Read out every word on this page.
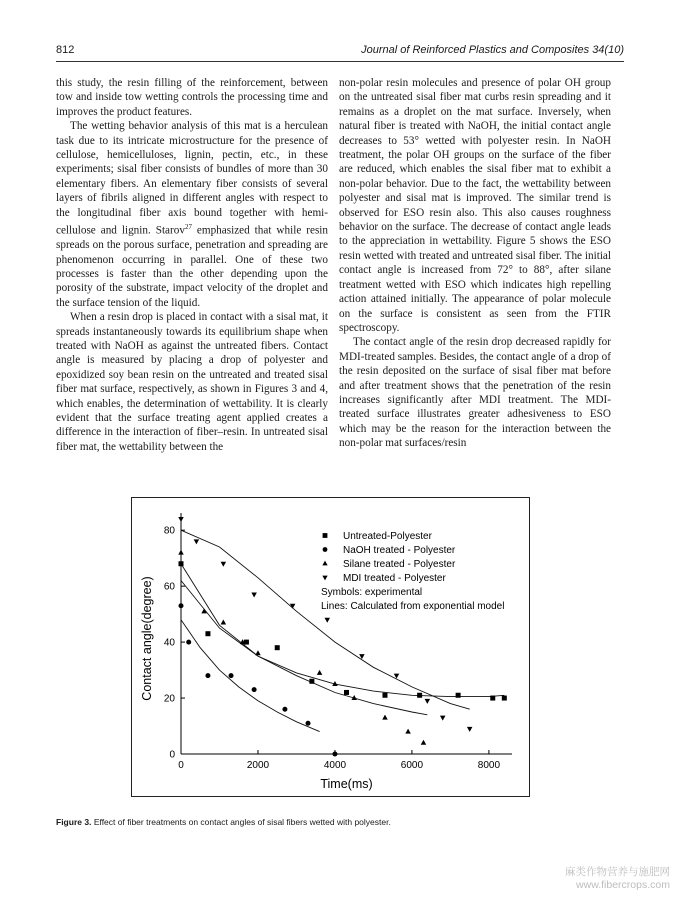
812	Journal of Reinforced Plastics and Composites 34(10)

this study, the resin filling of the reinforcement, between tow and inside tow wetting controls the processing time and improves the product features.

The wetting behavior analysis of this mat is a herculean task due to its intricate microstructure for the presence of cellulose, hemicelluloses, lignin, pectin, etc., in these experiments; sisal fiber consists of bundles of more than 30 elementary fibers. An elementary fiber consists of several layers of fibrils aligned in different angles with respect to the longitudinal fiber axis bound together with hemi-cellulose and lignin. Starov$^{27}$ emphasized that while resin spreads on the porous surface, penetration and spreading are phenomenon occurring in parallel. One of these two processes is faster than the other depending upon the porosity of the substrate, impact velocity of the droplet and the surface tension of the liquid.

When a resin drop is placed in contact with a sisal mat, it spreads instantaneously towards its equilibrium shape when treated with NaOH as against the untreated fibers. Contact angle is measured by placing a drop of polyester and epoxidized soy bean resin on the untreated and treated sisal fiber mat surface, respectively, as shown in Figures 3 and 4, which enables, the determination of wettability. It is clearly evident that the surface treating agent applied creates a difference in the interaction of fiber–resin. In untreated sisal fiber mat, the wettability between the

non-polar resin molecules and presence of polar OH group on the untreated sisal fiber mat curbs resin spreading and it remains as a droplet on the mat surface. Inversely, when natural fiber is treated with NaOH, the initial contact angle decreases to 53° wetted with polyester resin. In NaOH treatment, the polar OH groups on the surface of the fiber are reduced, which enables the sisal fiber mat to exhibit a non-polar behavior. Due to the fact, the wettability between polyester and sisal mat is improved. The similar trend is observed for ESO resin also. This also causes roughness behavior on the surface. The decrease of contact angle leads to the appreciation in wettability. Figure 5 shows the ESO resin wetted with treated and untreated sisal fiber. The initial contact angle is increased from 72° to 88°, after silane treatment wetted with ESO which indicates high repelling action attained initially. The appearance of polar molecule on the surface is consistent as seen from the FTIR spectroscopy.

The contact angle of the resin drop decreased rapidly for MDI-treated samples. Besides, the contact angle of a drop of the resin deposited on the surface of sisal fiber mat before and after treatment shows that the penetration of the resin increases significantly after MDI treatment. The MDI-treated surface illustrates greater adhesiveness to ESO which may be the reason for the interaction between the non-polar mat surfaces/resin

0	2000	4000	6000	8000
0
20
40
60
80
Time(ms)
Contact angle(degree)
Untreated-Polyester
NaOH treated - Polyester
Silane treated - Polyester
MDI treated - Polyester
Symbols: experimental
Lines: Calculated from exponential model
Figure 3. Effect of fiber treatments on contact angles of sisal fibers wetted with polyester.
麻类作物营养与施肥网
www.fibercrops.com
